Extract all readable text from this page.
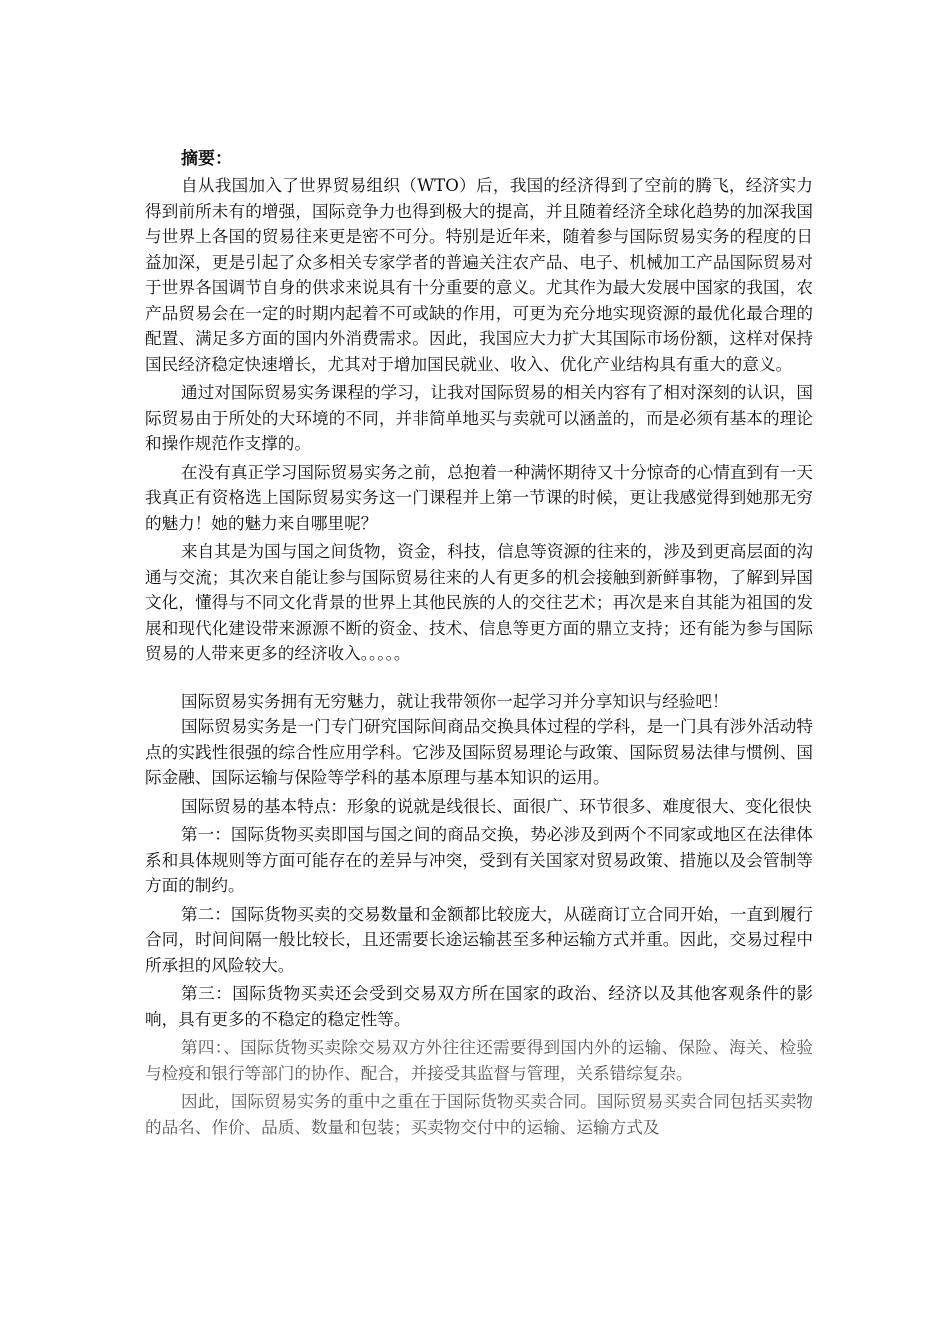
摘要：

自从我国加入了世界贸易组织（WTO）后，我国的经济得到了空前的腾飞，经济实力得到前所未有的增强，国际竞争力也得到极大的提高，并且随着经济全球化趋势的加深我国与世界上各国的贸易往来更是密不可分。特别是近年来，随着参与国际贸易实务的程度的日益加深，更是引起了众多相关专家学者的普遍关注农产品、电子、机械加工产品国际贸易对于世界各国调节自身的供求来说具有十分重要的意义。尤其作为最大发展中国家的我国，农产品贸易会在一定的时期内起着不可或缺的作用，可更为充分地实现资源的最优化最合理的配置、满足多方面的国内外消费需求。因此，我国应大力扩大其国际市场份额，这样对保持国民经济稳定快速增长，尤其对于增加国民就业、收入、优化产业结构具有重大的意义。

通过对国际贸易实务课程的学习，让我对国际贸易的相关内容有了相对深刻的认识，国际贸易由于所处的大环境的不同，并非简单地买与卖就可以涵盖的，而是必须有基本的理论和操作规范作支撑的。

在没有真正学习国际贸易实务之前，总抱着一种满怀期待又十分惊奇的心情直到有一天我真正有资格选上国际贸易实务这一门课程并上第一节课的时候，更让我感觉得到她那无穷的魅力！她的魅力来自哪里呢？

来自其是为国与国之间货物，资金，科技，信息等资源的往来的，涉及到更高层面的沟通与交流；其次来自能让参与国际贸易往来的人有更多的机会接触到新鲜事物，了解到异国文化，懂得与不同文化背景的世界上其他民族的人的交往艺术；再次是来自其能为祖国的发展和现代化建设带来源源不断的资金、技术、信息等更方面的鼎立支持；还有能为参与国际贸易的人带来更多的经济收入。。。。。

国际贸易实务拥有无穷魅力，就让我带领你一起学习并分享知识与经验吧！

国际贸易实务是一门专门研究国际间商品交换具体过程的学科，是一门具有涉外活动特点的实践性很强的综合性应用学科。它涉及国际贸易理论与政策、国际贸易法律与惯例、国际金融、国际运输与保险等学科的基本原理与基本知识的运用。

国际贸易的基本特点：形象的说就是线很长、面很广、环节很多、难度很大、变化很快

第一：国际货物买卖即国与国之间的商品交换，势必涉及到两个不同家或地区在法律体系和具体规则等方面可能存在的差异与冲突，受到有关国家对贸易政策、措施以及会管制等方面的制约。

第二：国际货物买卖的交易数量和金额都比较庞大，从磋商订立合同开始，一直到履行合同，时间间隔一般比较长，且还需要长途运输甚至多种运输方式并重。因此，交易过程中所承担的风险较大。

第三：国际货物买卖还会受到交易双方所在国家的政治、经济以及其他客观条件的影响，具有更多的不稳定的稳定性等。

第四：、国际货物买卖除交易双方外往往还需要得到国内外的运输、保险、海关、检验与检疫和银行等部门的协作、配合，并接受其监督与管理，关系错综复杂。

因此，国际贸易实务的重中之重在于国际货物买卖合同。国际贸易买卖合同包括买卖物的品名、作价、品质、数量和包装；买卖物交付中的运输、运输方式及
